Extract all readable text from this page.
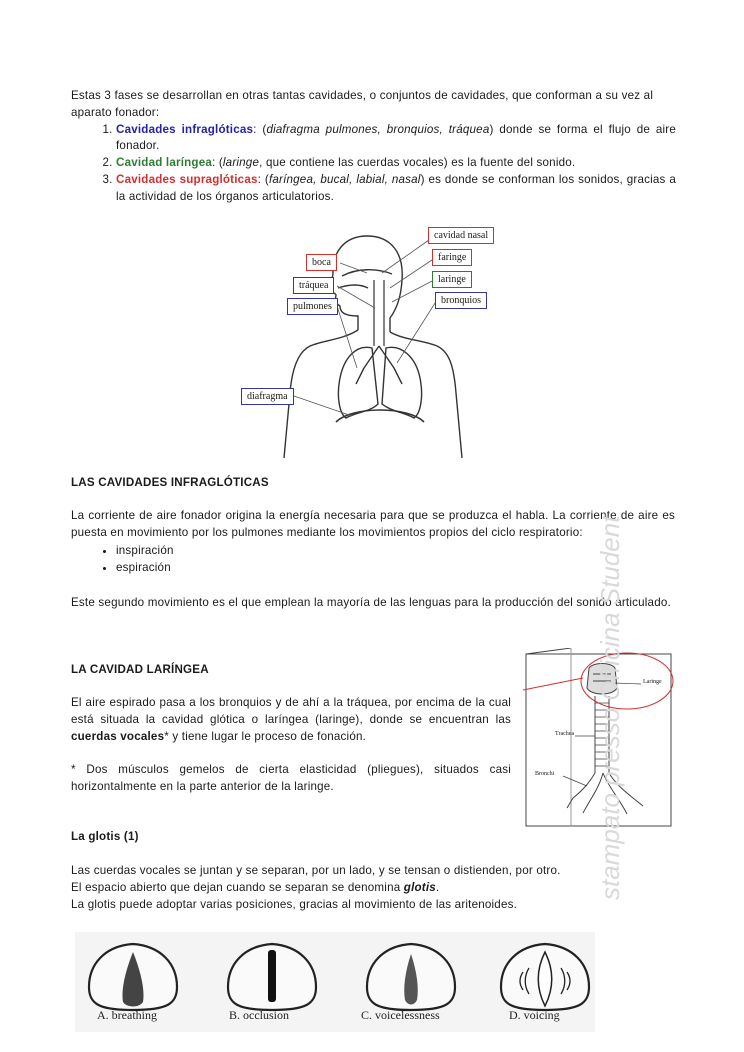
Estas 3 fases se desarrollan en otras tantas cavidades, o conjuntos de cavidades, que conforman a su vez al aparato fonador:
1. Cavidades infraglóticas: (diafragma pulmones, bronquios, tráquea) donde se forma el flujo de aire fonador.
2. Cavidad laríngea: (laringe, que contiene las cuerdas vocales) es la fuente del sonido.
3. Cavidades supraglóticas: (faríngea, bucal, labial, nasal) es donde se conforman los sonidos, gracias a la actividad de los órganos articulatorios.
cavidad nasal
faringe
laringe
bronquios
boca
tráquea
pulmones
diafragma
LAS CAVIDADES INFRAGLÓTICAS
La corriente de aire fonador origina la energía necesaria para que se produzca el habla. La corriente de aire es puesta en movimiento por los pulmones mediante los movimientos propios del ciclo respiratorio:
• inspiración
• espiración
Este segundo movimiento es el que emplean la mayoría de las lenguas para la producción del sonido articulado.
LA CAVIDAD LARÍNGEA
El aire espirado pasa a los bronquios y de ahí a la tráquea, por encima de la cual está situada la cavidad glótica o laríngea (laringe), donde se encuentran las cuerdas vocales* y tiene lugar le proceso de fonación.
* Dos músculos gemelos de cierta elasticidad (pliegues), situados casi horizontalmente en la parte anterior de la laringe.
Laringe
Trachea
Bronchi
La glotis (1)
Las cuerdas vocales se juntan y se separan, por un lado, y se tensan o distienden, por otro.
El espacio abierto que dejan cuando se separan se denomina glotis.
La glotis puede adoptar varias posiciones, gracias al movimiento de las aritenoides.
A. breathing	B. occlusion	C. voicelessness	D. voicing
stampato presso Officina Student
